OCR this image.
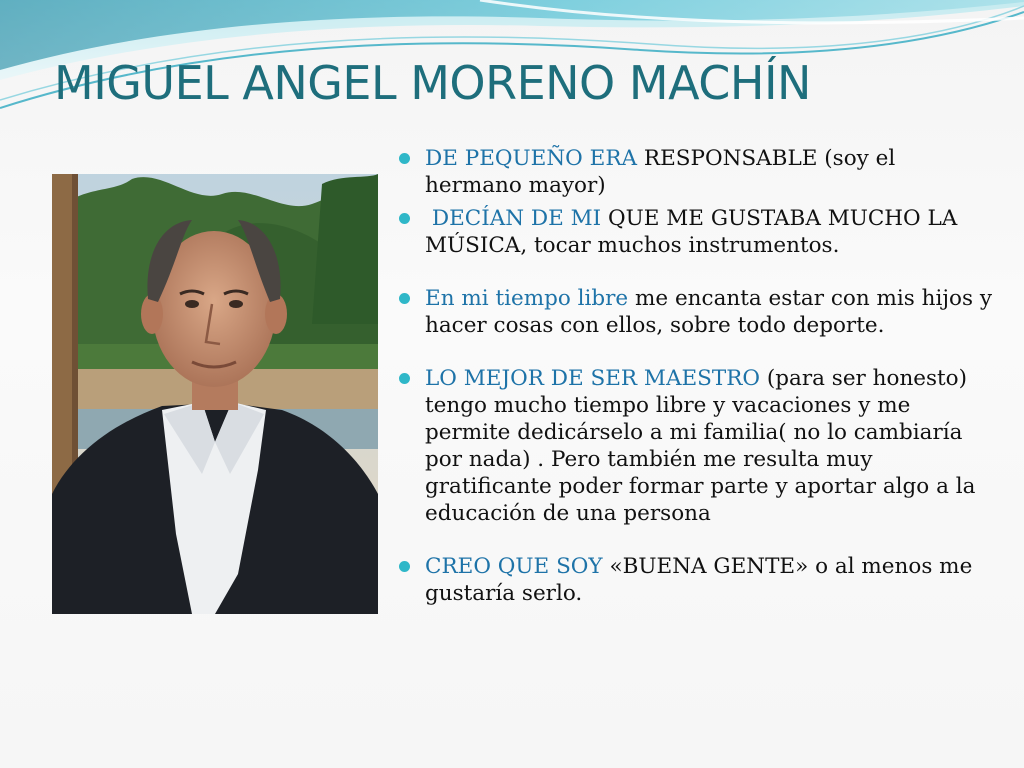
MIGUEL ANGEL MORENO MACHÍN
DE PEQUEÑO ERA RESPONSABLE (soy el hermano mayor)
DECÍAN DE MI QUE ME GUSTABA MUCHO LA MÚSICA, tocar muchos instrumentos.
En mi tiempo libre me encanta estar con mis hijos y hacer cosas con ellos, sobre todo deporte.
LO MEJOR DE SER MAESTRO (para ser honesto) tengo mucho tiempo libre y vacaciones y me permite dedicárselo a mi familia( no lo cambiaría por nada) . Pero también me resulta muy gratificante poder formar parte y aportar algo a la educación de una persona
CREO QUE SOY «BUENA GENTE» o al menos me gustaría serlo.
